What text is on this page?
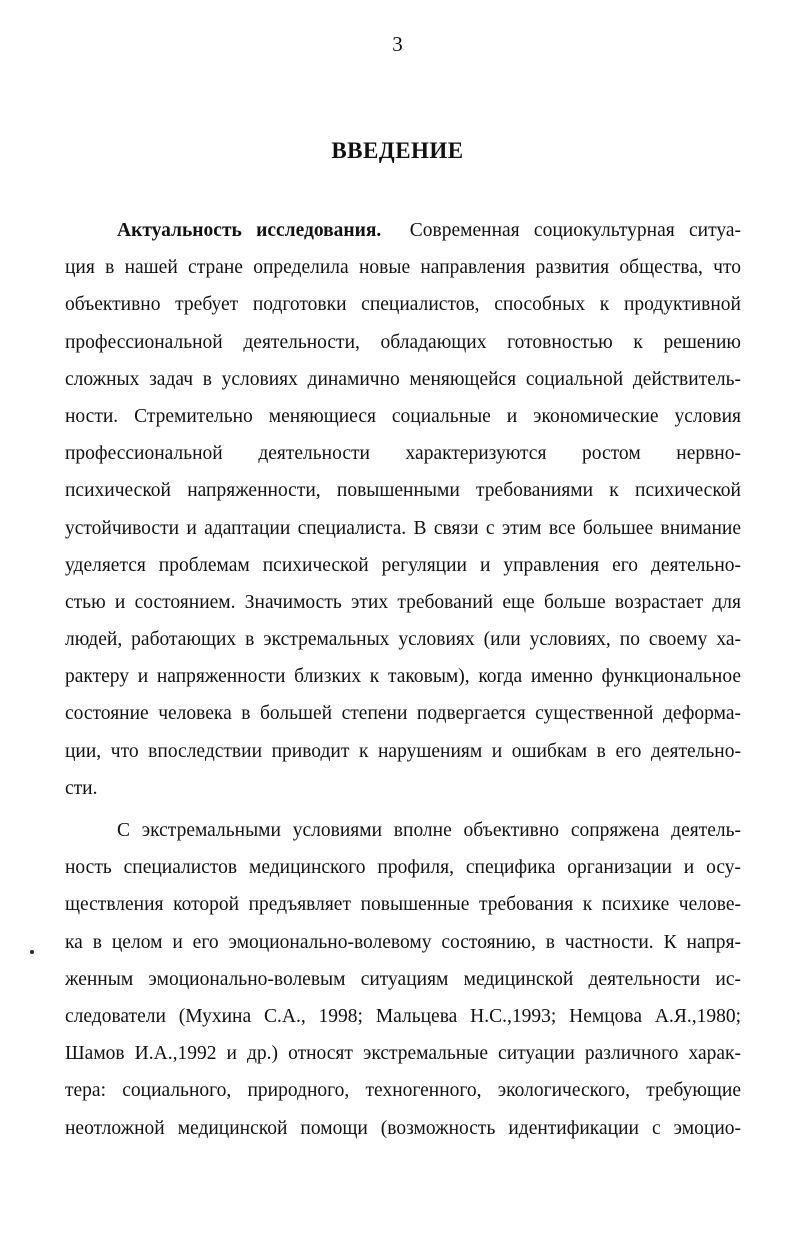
3
ВВЕДЕНИЕ
Актуальность исследования. Современная социокультурная ситуа-
ция в нашей стране определила новые направления развития общества, что
объективно требует подготовки специалистов, способных к продуктивной
профессиональной деятельности, обладающих готовностью к решению
сложных задач в условиях динамично меняющейся социальной действитель-
ности. Стремительно меняющиеся социальные и экономические условия
профессиональной деятельности характеризуются ростом нервно-
психической напряженности, повышенными требованиями к психической
устойчивости и адаптации специалиста. В связи с этим все большее внимание
уделяется проблемам психической регуляции и управления его деятельно-
стью и состоянием. Значимость этих требований еще больше возрастает для
людей, работающих в экстремальных условиях (или условиях, по своему ха-
рактеру и напряженности близких к таковым), когда именно функциональное
состояние человека в большей степени подвергается существенной деформа-
ции, что впоследствии приводит к нарушениям и ошибкам в его деятельно-
сти.
С экстремальными условиями вполне объективно сопряжена деятель-
ность специалистов медицинского профиля, специфика организации и осу-
ществления которой предъявляет повышенные требования к психике челове-
ка в целом и его эмоционально-волевому состоянию, в частности. К напря-
женным эмоционально-волевым ситуациям медицинской деятельности ис-
следователи (Мухина С.А., 1998; Мальцева Н.С.,1993; Немцова А.Я.,1980;
Шамов И.А.,1992 и др.) относят экстремальные ситуации различного харак-
тера: социального, природного, техногенного, экологического, требующие
неотложной медицинской помощи (возможность идентификации с эмоцио-
